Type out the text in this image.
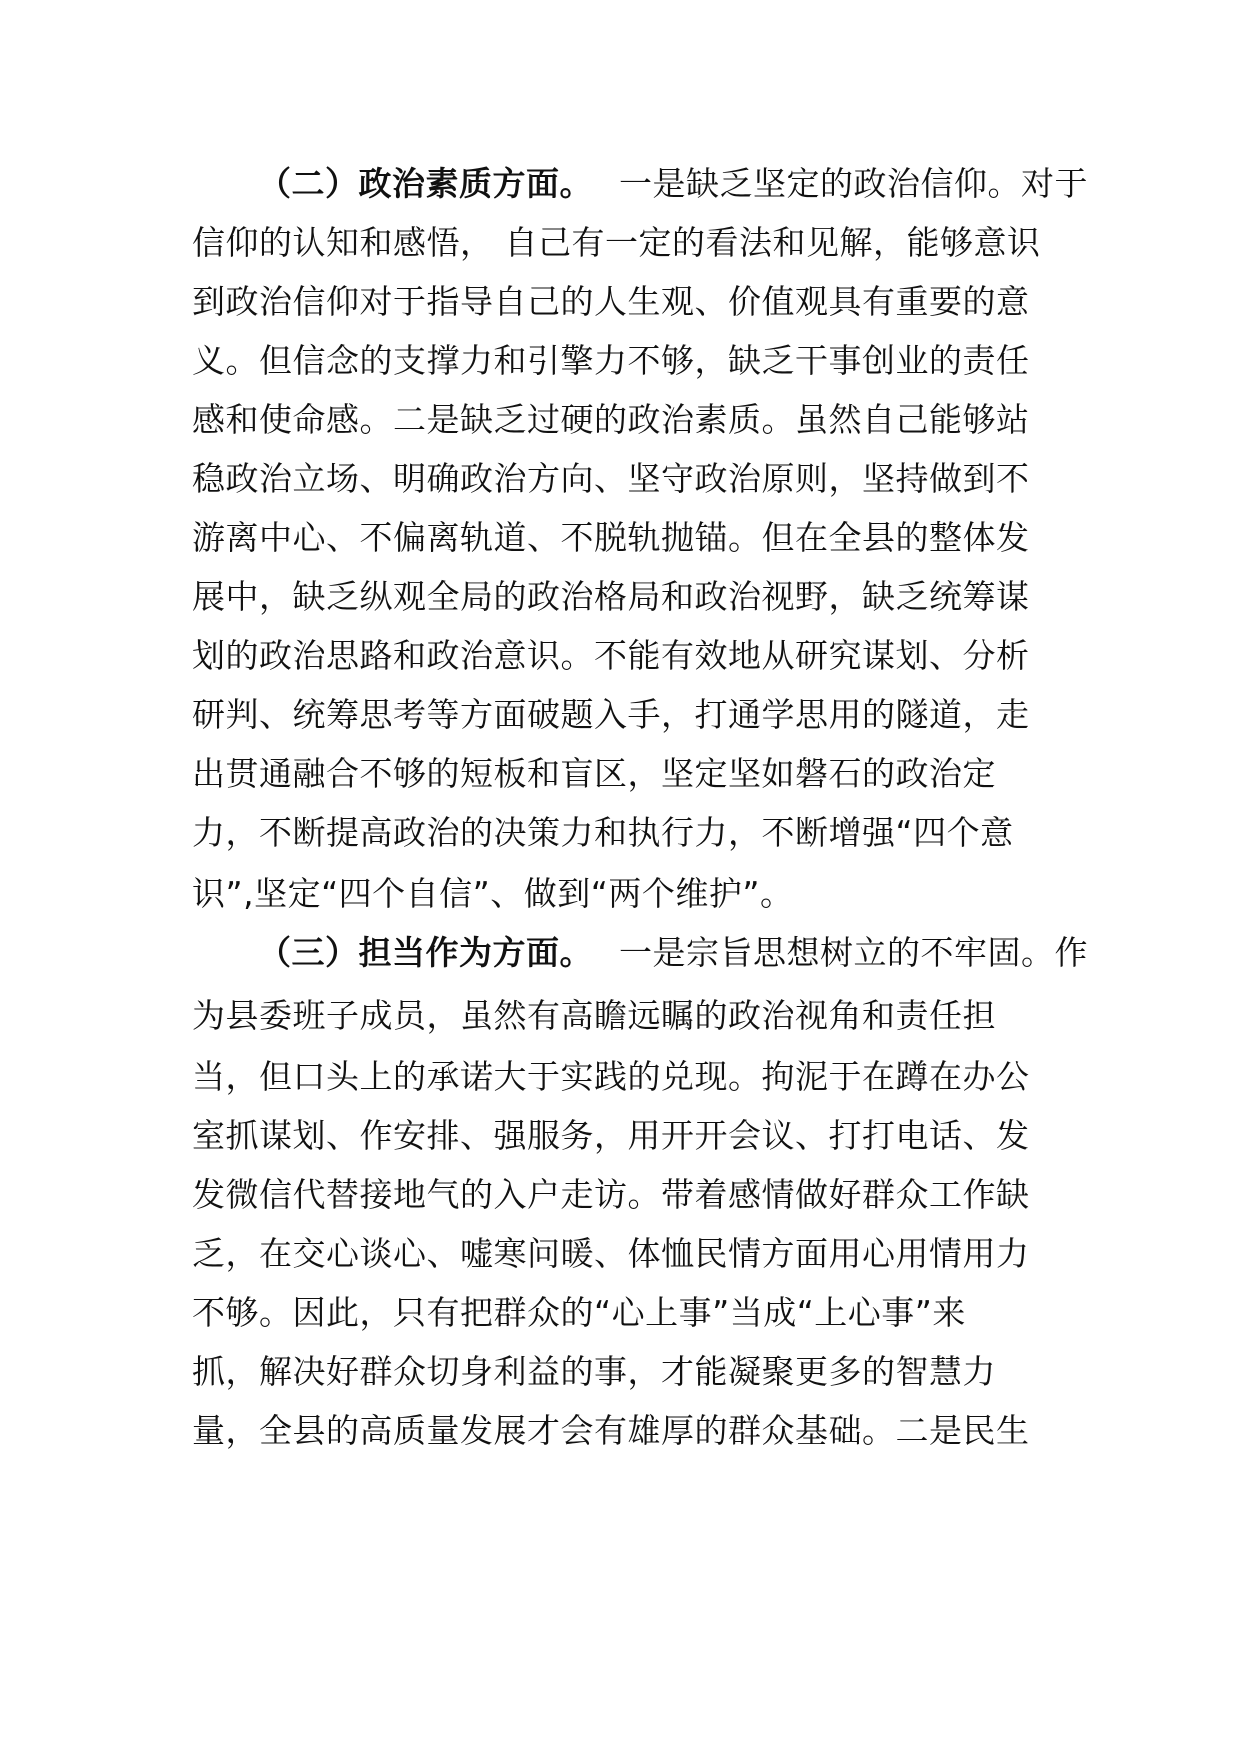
（二）政治素质方面。 一是缺乏坚定的政治信仰。对于
信仰的认知和感悟， 自己有一定的看法和见解，能够意识
到政治信仰对于指导自己的人生观、价值观具有重要的意
义。但信念的支撑力和引擎力不够，缺乏干事创业的责任
感和使命感。二是缺乏过硬的政治素质。虽然自己能够站
稳政治立场、明确政治方向、坚守政治原则，坚持做到不
游离中心、不偏离轨道、不脱轨抛锚。但在全县的整体发
展中，缺乏纵观全局的政治格局和政治视野，缺乏统筹谋
划的政治思路和政治意识。不能有效地从研究谋划、分析
研判、统筹思考等方面破题入手，打通学思用的隧道，走
出贯通融合不够的短板和盲区，坚定坚如磐石的政治定
力，不断提高政治的决策力和执行力，不断增强“四个意
识”,坚定“四个自信”、做到“两个维护”。
（三）担当作为方面。 一是宗旨思想树立的不牢固。作
为县委班子成员，虽然有高瞻远瞩的政治视角和责任担
当，但口头上的承诺大于实践的兑现。拘泥于在蹲在办公
室抓谋划、作安排、强服务，用开开会议、打打电话、发
发微信代替接地气的入户走访。带着感情做好群众工作缺
乏，在交心谈心、嘘寒问暖、体恤民情方面用心用情用力
不够。因此，只有把群众的“心上事”当成“上心事”来
抓，解决好群众切身利益的事，才能凝聚更多的智慧力
量，全县的高质量发展才会有雄厚的群众基础。二是民生
